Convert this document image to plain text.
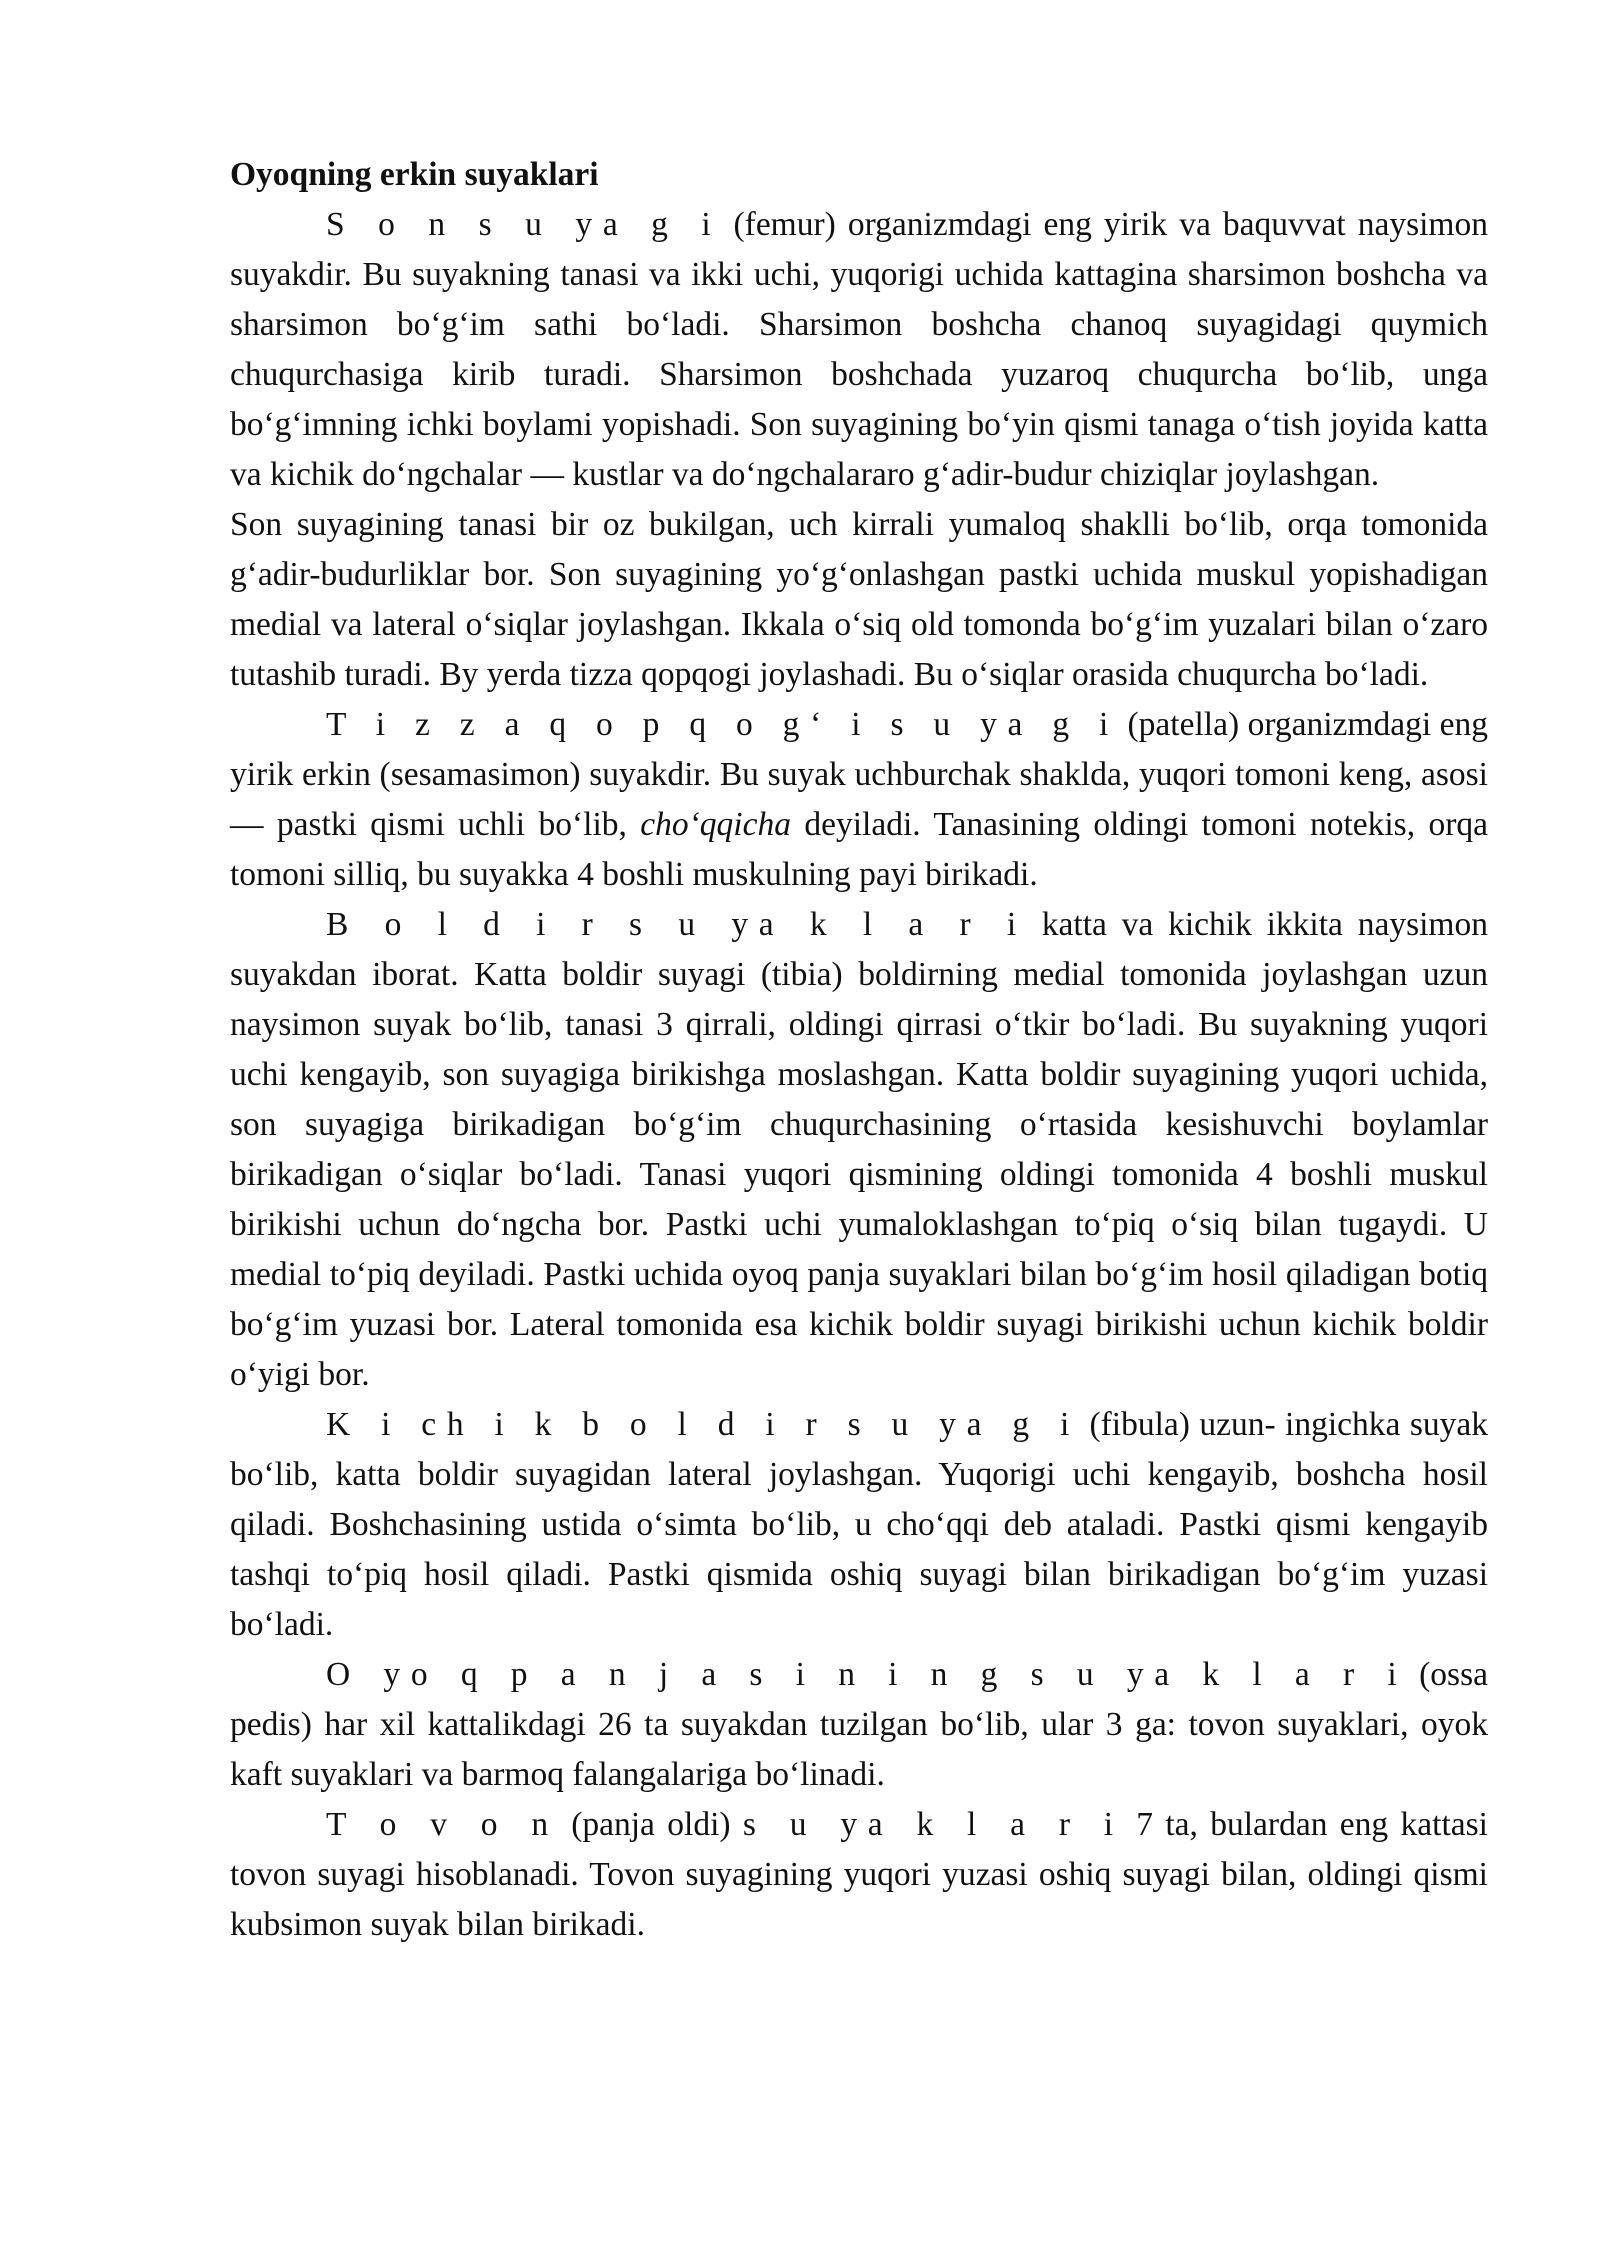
Oyoqning erkin suyaklari

S o n s u ya g i (femur) organizmdagi eng yirik va baquvvat naysimon suyakdir. Bu suyakning tanasi va ikki uchi, yuqorigi uchida kattagina sharsimon boshcha va sharsimon bo‘g‘im sathi bo‘ladi. Sharsimon boshcha chanoq suyagidagi quymich chuqurchasiga kirib turadi. Sharsimon boshchada yuzaroq chuqurcha bo‘lib, unga bo‘g‘imning ichki boylami yopishadi. Son suyagining bo‘yin qismi tanaga o‘tish joyida katta va kichik do‘ngchalar — kustlar va do‘ngchalararo g‘adir-budur chiziqlar joylashgan.

Son suyagining tanasi bir oz bukilgan, uch kirrali yumaloq shaklli bo‘lib, orqa tomonida g‘adir-budurliklar bor. Son suyagining yo‘g‘onlashgan pastki uchida muskul yopishadigan medial va lateral o‘siqlar joylashgan. Ikkala o‘siq old tomonda bo‘g‘im yuzalari bilan o‘zaro tutashib turadi. By yerda tizza qopqogi joylashadi. Bu o‘siqlar orasida chuqurcha bo‘ladi.

T i z z a q o p q o g‘ i s u ya g i (patella) organizmdagi eng yirik erkin (sesamasimon) suyakdir. Bu suyak uchburchak shaklda, yuqori tomoni keng, asosi — pastki qismi uchli bo‘lib, cho‘qqicha deyiladi. Tanasining oldingi tomoni notekis, orqa tomoni silliq, bu suyakka 4 boshli muskulning payi birikadi.

B o l d i r s u ya k l a r i katta va kichik ikkita naysimon suyakdan iborat. Katta boldir suyagi (tibia) boldirning medial tomonida joylashgan uzun naysimon suyak bo‘lib, tanasi 3 qirrali, oldingi qirrasi o‘tkir bo‘ladi. Bu suyakning yuqori uchi kengayib, son suyagiga birikishga moslashgan. Katta boldir suyagining yuqori uchida, son suyagiga birikadigan bo‘g‘im chuqurchasining o‘rtasida kesishuvchi boylamlar birikadigan o‘siqlar bo‘ladi. Tanasi yuqori qismining oldingi tomonida 4 boshli muskul birikishi uchun do‘ngcha bor. Pastki uchi yumaloklashgan to‘piq o‘siq bilan tugaydi. U medial to‘piq deyiladi. Pastki uchida oyoq panja suyaklari bilan bo‘g‘im hosil qiladigan botiq bo‘g‘im yuzasi bor. Lateral tomonida esa kichik boldir suyagi birikishi uchun kichik boldir o‘yigi bor.

K i ch i k b o l d i r s u ya g i (fibula) uzun- ingichka suyak bo‘lib, katta boldir suyagidan lateral joylashgan. Yuqorigi uchi kengayib, boshcha hosil qiladi. Boshchasining ustida o‘simta bo‘lib, u cho‘qqi deb ataladi. Pastki qismi kengayib tashqi to‘piq hosil qiladi. Pastki qismida oshiq suyagi bilan birikadigan bo‘g‘im yuzasi bo‘ladi.

O yo q p a n j a s i n i n g s u ya k l a r i (ossa pedis) har xil kattalikdagi 26 ta suyakdan tuzilgan bo‘lib, ular 3 ga: tovon suyaklari, oyok kaft suyaklari va barmoq falangalariga bo‘linadi.

T o v o n (panja oldi) s u ya k l a r i 7 ta, bulardan eng kattasi tovon suyagi hisoblanadi. Tovon suyagining yuqori yuzasi oshiq suyagi bilan, oldingi qismi kubsimon suyak bilan birikadi.
